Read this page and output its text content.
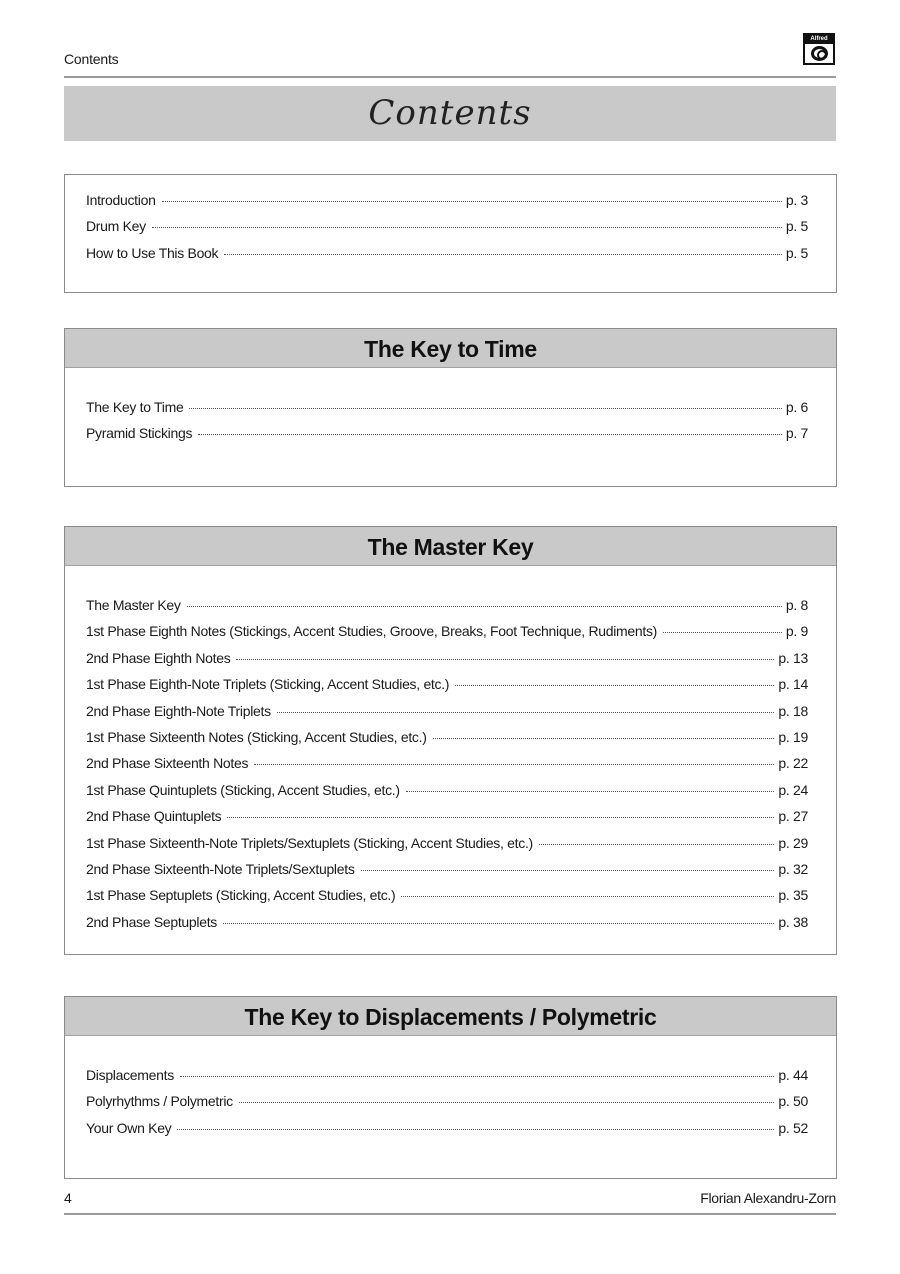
Contents
Alfred
Contents
Introduction	p. 3
Drum Key	p. 5
How to Use This Book	p. 5
The Key to Time
The Key to Time	p. 6
Pyramid Stickings	p. 7
The Master Key
The Master Key	p. 8
1st Phase Eighth Notes (Stickings, Accent Studies, Groove, Breaks, Foot Technique, Rudiments)	p. 9
2nd Phase Eighth Notes	p. 13
1st Phase Eighth-Note Triplets (Sticking, Accent Studies, etc.)	p. 14
2nd Phase Eighth-Note Triplets	p. 18
1st Phase Sixteenth Notes (Sticking, Accent Studies, etc.)	p. 19
2nd Phase Sixteenth Notes	p. 22
1st Phase Quintuplets (Sticking, Accent Studies, etc.)	p. 24
2nd Phase Quintuplets	p. 27
1st Phase Sixteenth-Note Triplets/Sextuplets (Sticking, Accent Studies, etc.)	p. 29
2nd Phase Sixteenth-Note Triplets/Sextuplets	p. 32
1st Phase Septuplets (Sticking, Accent Studies, etc.)	p. 35
2nd Phase Septuplets	p. 38
The Key to Displacements / Polymetric
Displacements	p. 44
Polyrhythms / Polymetric	p. 50
Your Own Key	p. 52
4	Florian Alexandru-Zorn
